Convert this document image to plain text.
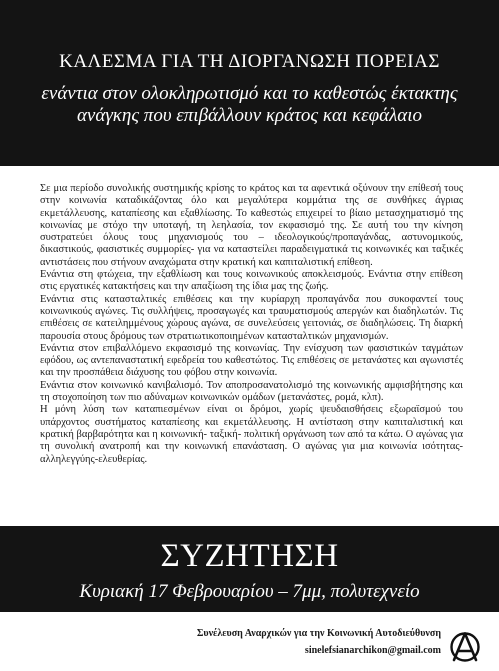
ΚΑΛΕΣΜΑ ΓΙΑ ΤΗ ΔΙΟΡΓΑΝΩΣΗ ΠΟΡΕΙΑΣ
ενάντια στον ολοκληρωτισμό και το καθεστώς έκτακτης
ανάγκης που επιβάλλουν κράτος και κεφάλαιο

Σε μια περίοδο συνολικής συστημικής κρίσης το κράτος και τα αφεντικά οξύνουν την επίθεσή τους στην κοινωνία καταδικάζοντας όλο και μεγαλύτερα κομμάτια της σε συνθήκες άγριας εκμετάλλευσης, καταπίεσης και εξαθλίωσης. Το καθεστώς επιχειρεί το βίαιο μετασχηματισμό της κοινωνίας με στόχο την υποταγή, τη λεηλασία, τον εκφασισμό της. Σε αυτή του την κίνηση συστρατεύει όλους τους μηχανισμούς του – ιδεολογικούς/προπαγάνδας, αστυνομικούς, δικαστικούς, φασιστικές συμμορίες- για να καταστείλει παραδειγματικά τις κοινωνικές και ταξικές αντιστάσεις που στήνουν αναχώματα στην κρατική και καπιταλιστική επίθεση.

Ενάντια στη φτώχεια, την εξαθλίωση και τους κοινωνικούς αποκλεισμούς. Ενάντια στην επίθεση στις εργατικές κατακτήσεις και την απαξίωση της ίδια μας της ζωής.

Ενάντια στις κατασταλτικές επιθέσεις και την κυρίαρχη προπαγάνδα που συκοφαντεί τους κοινωνικούς αγώνες. Τις συλλήψεις, προσαγωγές και τραυματισμούς απεργών και διαδηλωτών. Τις επιθέσεις σε κατειλημμένους χώρους αγώνα, σε συνελεύσεις γειτονιάς, σε διαδηλώσεις. Τη διαρκή παρουσία στους δρόμους των στρατιωτικοποιημένων κατασταλτικών μηχανισμών.

Ενάντια στον επιβαλλόμενο εκφασισμό της κοινωνίας. Την ενίσχυση των φασιστικών ταγμάτων εφόδου, ως αντεπαναστατική εφεδρεία του καθεστώτος. Τις επιθέσεις σε μετανάστες και αγωνιστές και την προσπάθεια διάχυσης του φόβου στην κοινωνία.

Ενάντια στον κοινωνικό κανιβαλισμό. Τον αποπροσανατολισμό της κοινωνικής αμφισβήτησης και τη στοχοποίηση των πιο αδύναμων κοινωνικών ομάδων (μετανάστες, ρομά, κλπ).

Η μόνη λύση των καταπιεσμένων είναι οι δρόμοι, χωρίς ψευδαισθήσεις εξωραϊσμού του υπάρχοντος συστήματος καταπίεσης και εκμετάλλευσης. Η αντίσταση στην καπιταλιστική και κρατική βαρβαρότητα και η κοινωνική- ταξική- πολιτική οργάνωση των από τα κάτω. Ο αγώνας για τη συνολική ανατροπή και την κοινωνική επανάσταση. Ο αγώνας για μια κοινωνία ισότητας-αλληλεγγύης-ελευθερίας.

ΣΥΖΗΤΗΣΗ
Κυριακή 17 Φεβρουαρίου – 7μμ, πολυτεχνείο
Συνέλευση Αναρχικών για την Κοινωνική Αυτοδιεύθυνση
sinelefsianarchikon@gmail.com
